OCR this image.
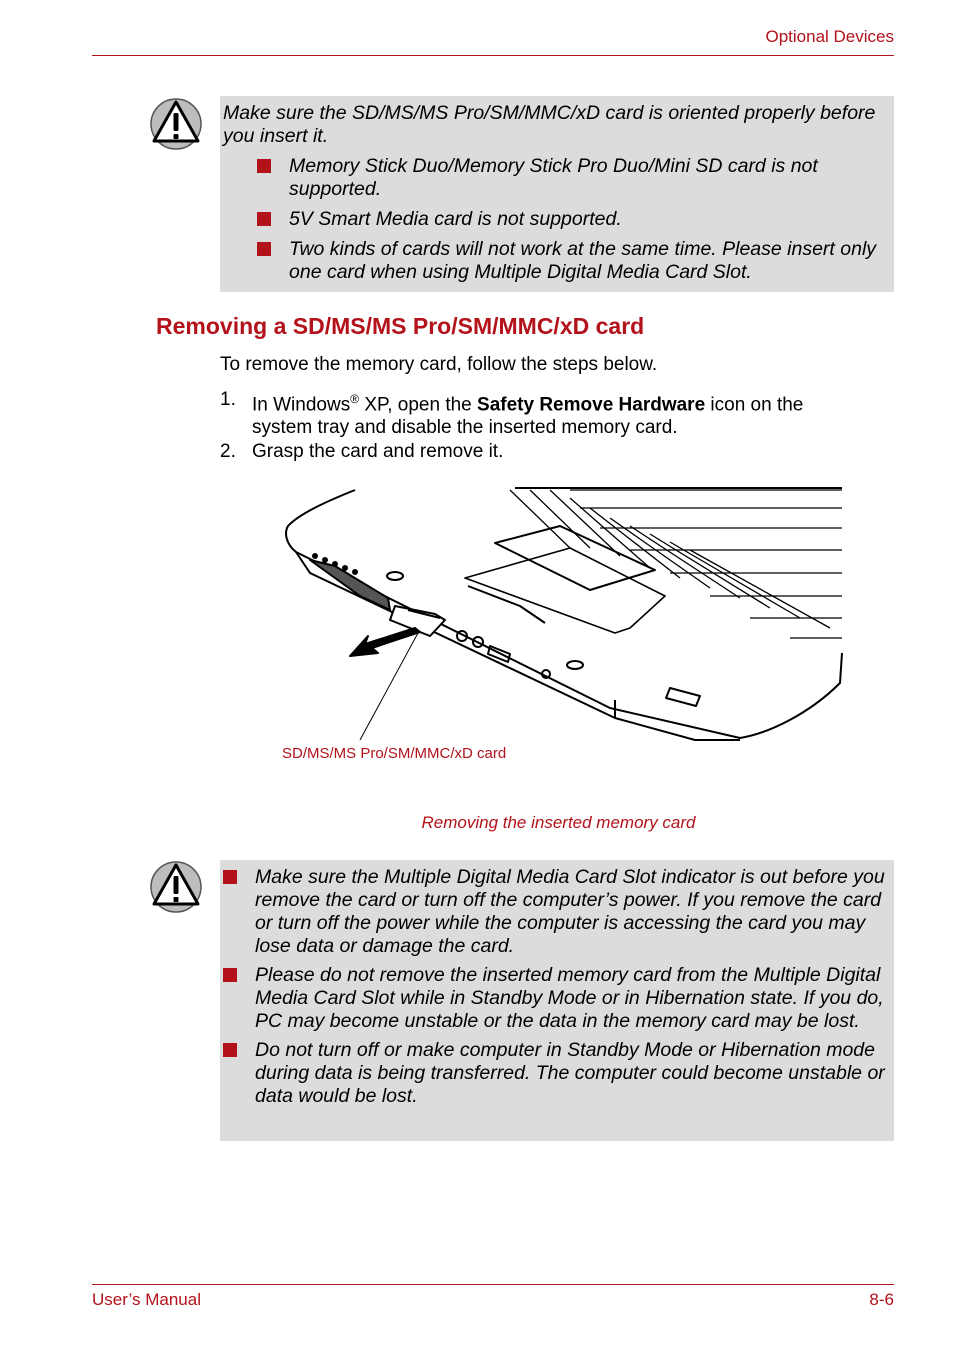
Optional Devices
Make sure the SD/MS/MS Pro/SM/MMC/xD card is oriented properly before you insert it.
Memory Stick Duo/Memory Stick Pro Duo/Mini SD card is not supported.
5V Smart Media card is not supported.
Two kinds of cards will not work at the same time. Please insert only one card when using Multiple Digital Media Card Slot.
Removing a SD/MS/MS Pro/SM/MMC/xD card
To remove the memory card, follow the steps below.
1. In Windows® XP, open the Safety Remove Hardware icon on the system tray and disable the inserted memory card.
2. Grasp the card and remove it.
SD/MS/MS Pro/SM/MMC/xD card
Removing the inserted memory card
Make sure the Multiple Digital Media Card Slot indicator is out before you remove the card or turn off the computer’s power. If you remove the card or turn off the power while the computer is accessing the card you may lose data or damage the card.
Please do not remove the inserted memory card from the Multiple Digital Media Card Slot while in Standby Mode or in Hibernation state. If you do, PC may become unstable or the data in the memory card may be lost.
Do not turn off or make computer in Standby Mode or Hibernation mode during data is being transferred. The computer could become unstable or data would be lost.
User’s Manual	8-6
